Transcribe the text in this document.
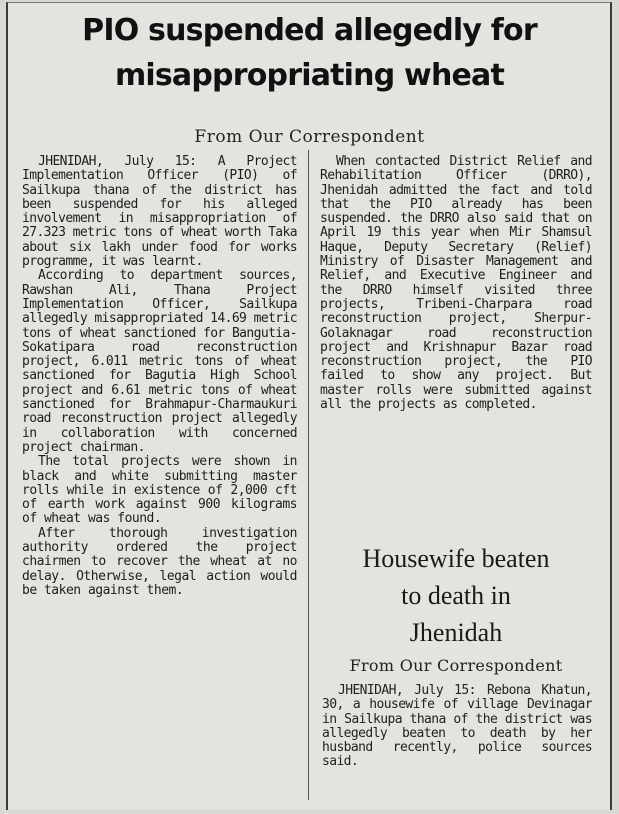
PIO suspended allegedly for
misappropriating wheat
From Our Correspondent

JHENIDAH, July 15: A Project Implementation Officer (PIO) of Sailkupa thana of the district has been suspended for his alleged involvement in misappropriation of 27.323 metric tons of wheat worth Taka about six lakh under food for works programme, it was learnt.

According to department sources, Rawshan Ali, Thana Project Implementation Officer, Sailkupa allegedly misappropriated 14.69 metric tons of wheat sanctioned for Bangutia-Sokatipara road reconstruction project, 6.011 metric tons of wheat sanctioned for Bagutia High School project and 6.61 metric tons of wheat sanctioned for Brahmapur-Charmaukuri road reconstruction project allegedly in collaboration with concerned project chairman.

The total projects were shown in black and white submitting master rolls while in existence of 2,000 cft of earth work against 900 kilograms of wheat was found.

After thorough investigation authority ordered the project chairmen to recover the wheat at no delay. Otherwise, legal action would be taken against them.

When contacted District Relief and Rehabilitation Officer (DRRO), Jhenidah admitted the fact and told that the PIO already has been suspended. the DRRO also said that on April 19 this year when Mir Shamsul Haque, Deputy Secretary (Relief) Ministry of Disaster Management and Relief, and Executive Engineer and the DRRO himself visited three projects, Tribeni-Charpara road reconstruction project, Sherpur-Golaknagar road reconstruction project and Krishnapur Bazar road reconstruction project, the PIO failed to show any project. But master rolls were submitted against all the projects as completed.

Housewife beaten
to death in
Jhenidah
From Our Correspondent

JHENIDAH, July 15: Rebona Khatun, 30, a housewife of village Devinagar in Sailkupa thana of the district was allegedly beaten to death by her husband recently, police sources said.
